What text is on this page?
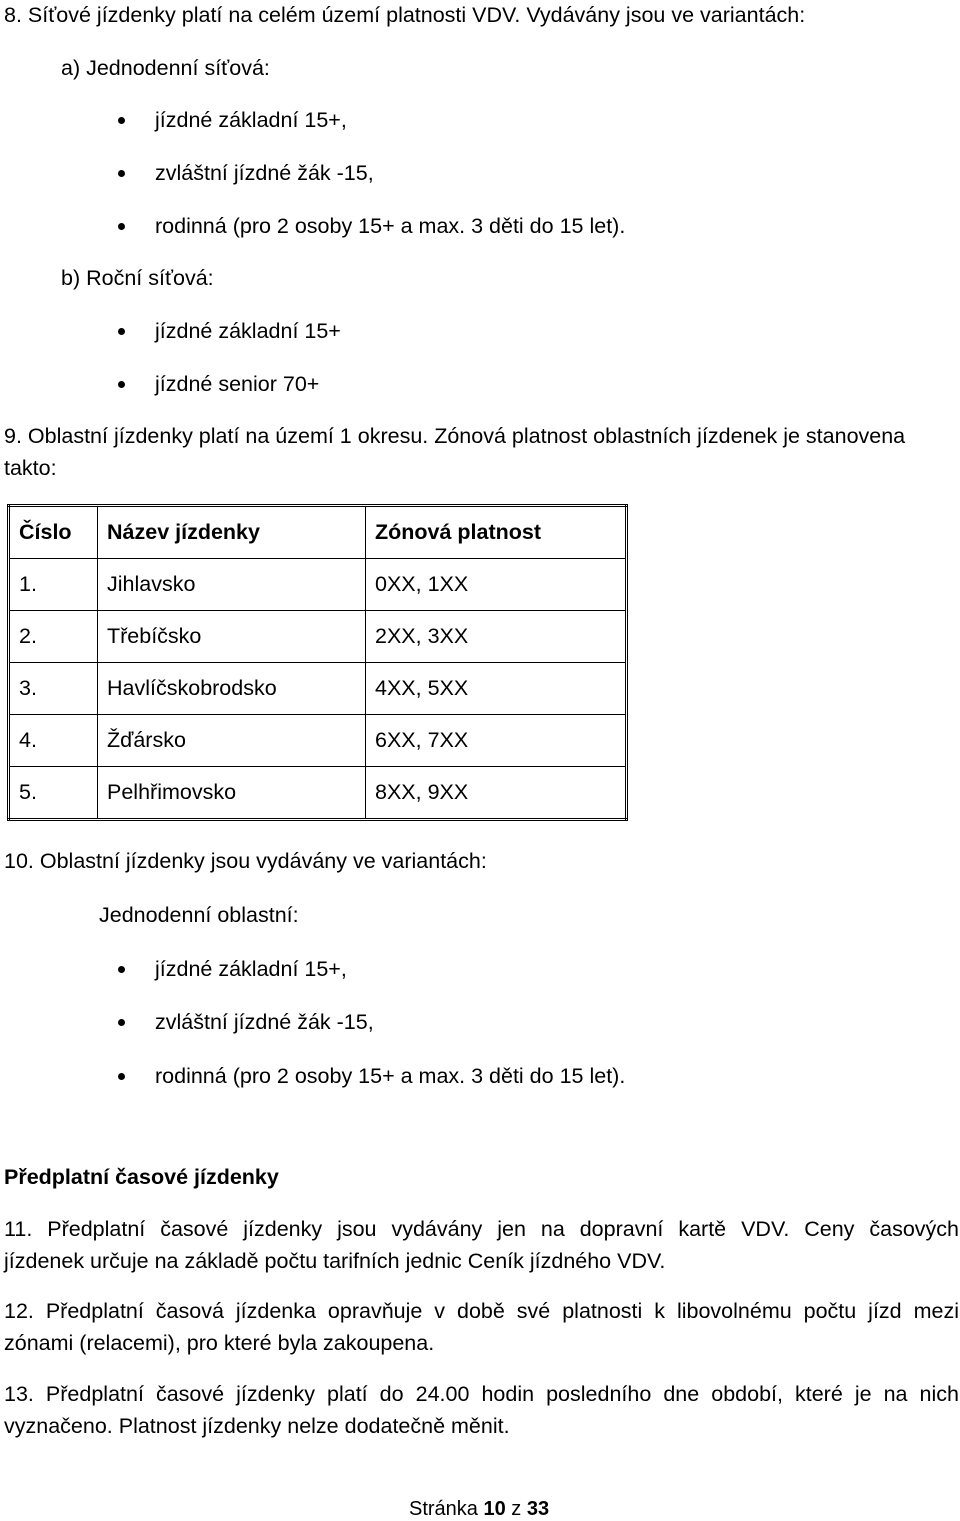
8. Síťové jízdenky platí na celém území platnosti VDV. Vydávány jsou ve variantách:
a) Jednodenní síťová:
jízdné základní 15+,
zvláštní jízdné žák -15,
rodinná (pro 2 osoby 15+ a max. 3 děti do 15 let).
b) Roční síťová:
jízdné základní 15+
jízdné senior 70+
9. Oblastní jízdenky platí na území 1 okresu. Zónová platnost oblastních jízdenek je stanovena
takto:
Číslo	Název jízdenky	Zónová platnost
1.	Jihlavsko	0XX, 1XX
2.	Třebíčsko	2XX, 3XX
3.	Havlíčskobrodsko	4XX, 5XX
4.	Žďársko	6XX, 7XX
5.	Pelhřimovsko	8XX, 9XX
10. Oblastní jízdenky jsou vydávány ve variantách:
Jednodenní oblastní:
jízdné základní 15+,
zvláštní jízdné žák -15,
rodinná (pro 2 osoby 15+ a max. 3 děti do 15 let).
Předplatní časové jízdenky
11. Předplatní časové jízdenky jsou vydávány jen na dopravní kartě VDV. Ceny časových
jízdenek určuje na základě počtu tarifních jednic Ceník jízdného VDV.
12. Předplatní časová jízdenka opravňuje v době své platnosti k libovolnému počtu jízd mezi
zónami (relacemi), pro které byla zakoupena.
13. Předplatní časové jízdenky platí do 24.00 hodin posledního dne období, které je na nich
vyznačeno. Platnost jízdenky nelze dodatečně měnit.
Stránka 10 z 33
